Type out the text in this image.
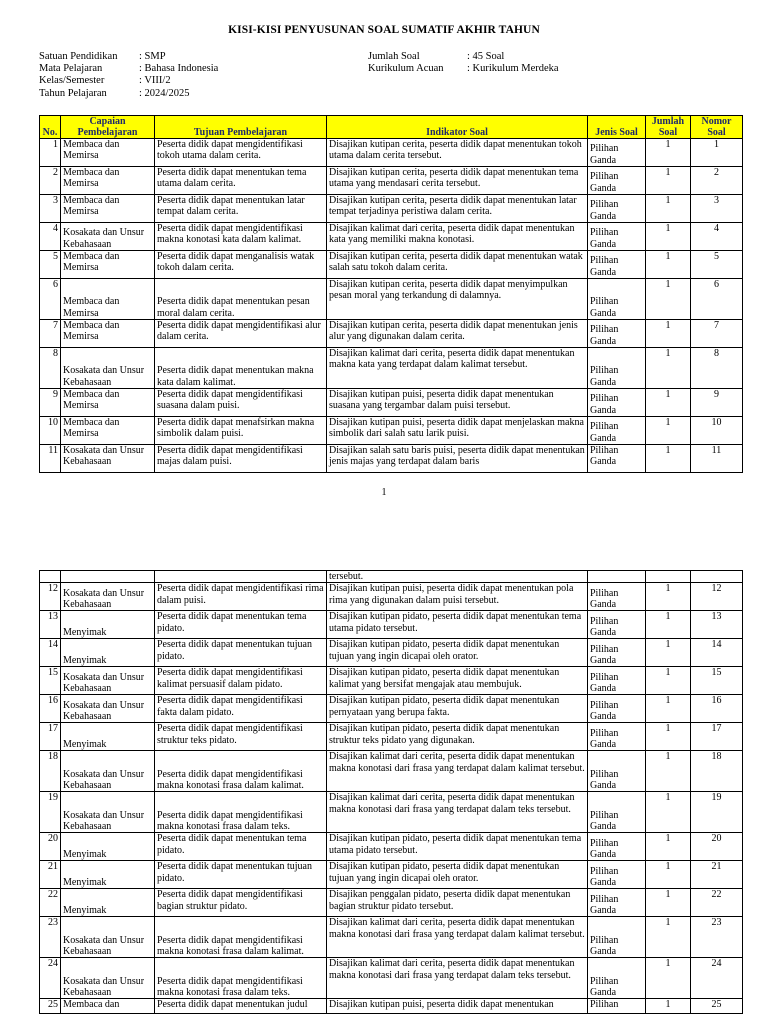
KISI-KISI PENYUSUNAN SOAL SUMATIF AKHIR TAHUN
Satuan Pendidikan	: SMP
Mata Pelajaran	: Bahasa Indonesia
Kelas/Semester	: VIII/2
Tahun Pelajaran	: 2024/2025
Jumlah Soal	: 45 Soal
Kurikulum Acuan	: Kurikulum Merdeka
No.	Capaian Pembelajaran	Tujuan Pembelajaran	Indikator Soal	Jenis Soal	Jumlah Soal	Nomor Soal
1	Membaca dan Memirsa	Peserta didik dapat mengidentifikasi tokoh utama dalam cerita.	Disajikan kutipan cerita, peserta didik dapat menentukan tokoh utama dalam cerita tersebut.	Pilihan Ganda	1	1
2	Membaca dan Memirsa	Peserta didik dapat menentukan tema utama dalam cerita.	Disajikan kutipan cerita, peserta didik dapat menentukan tema utama yang mendasari cerita tersebut.	Pilihan Ganda	1	2
3	Membaca dan Memirsa	Peserta didik dapat menentukan latar tempat dalam cerita.	Disajikan kutipan cerita, peserta didik dapat menentukan latar tempat terjadinya peristiwa dalam cerita.	Pilihan Ganda	1	3
4	Kosakata dan Unsur Kebahasaan	Peserta didik dapat mengidentifikasi makna konotasi kata dalam kalimat.	Disajikan kalimat dari cerita, peserta didik dapat menentukan kata yang memiliki makna konotasi.	Pilihan Ganda	1	4
5	Membaca dan Memirsa	Peserta didik dapat menganalisis watak tokoh dalam cerita.	Disajikan kutipan cerita, peserta didik dapat menentukan watak salah satu tokoh dalam cerita.	Pilihan Ganda	1	5
6	Membaca dan Memirsa	Peserta didik dapat menentukan pesan moral dalam cerita.	Disajikan kutipan cerita, peserta didik dapat menyimpulkan pesan moral yang terkandung di dalamnya.	Pilihan Ganda	1	6
7	Membaca dan Memirsa	Peserta didik dapat mengidentifikasi alur dalam cerita.	Disajikan kutipan cerita, peserta didik dapat menentukan jenis alur yang digunakan dalam cerita.	Pilihan Ganda	1	7
8	Kosakata dan Unsur Kebahasaan	Peserta didik dapat menentukan makna kata dalam kalimat.	Disajikan kalimat dari cerita, peserta didik dapat menentukan makna kata yang terdapat dalam kalimat tersebut.	Pilihan Ganda	1	8
9	Membaca dan Memirsa	Peserta didik dapat mengidentifikasi suasana dalam puisi.	Disajikan kutipan puisi, peserta didik dapat menentukan suasana yang tergambar dalam puisi tersebut.	Pilihan Ganda	1	9
10	Membaca dan Memirsa	Peserta didik dapat menafsirkan makna simbolik dalam puisi.	Disajikan kutipan puisi, peserta didik dapat menjelaskan makna simbolik dari salah satu larik puisi.	Pilihan Ganda	1	10
11	Kosakata dan Unsur Kebahasaan	Peserta didik dapat mengidentifikasi majas dalam puisi.	Disajikan salah satu baris puisi, peserta didik dapat menentukan jenis majas yang terdapat dalam baris	Pilihan Ganda	1	11
1
			tersebut.			
12	Kosakata dan Unsur Kebahasaan	Peserta didik dapat mengidentifikasi rima dalam puisi.	Disajikan kutipan puisi, peserta didik dapat menentukan pola rima yang digunakan dalam puisi tersebut.	Pilihan Ganda	1	12
13	Menyimak	Peserta didik dapat menentukan tema pidato.	Disajikan kutipan pidato, peserta didik dapat menentukan tema utama pidato tersebut.	Pilihan Ganda	1	13
14	Menyimak	Peserta didik dapat menentukan tujuan pidato.	Disajikan kutipan pidato, peserta didik dapat menentukan tujuan yang ingin dicapai oleh orator.	Pilihan Ganda	1	14
15	Kosakata dan Unsur Kebahasaan	Peserta didik dapat mengidentifikasi kalimat persuasif dalam pidato.	Disajikan kutipan pidato, peserta didik dapat menentukan kalimat yang bersifat mengajak atau membujuk.	Pilihan Ganda	1	15
16	Kosakata dan Unsur Kebahasaan	Peserta didik dapat mengidentifikasi fakta dalam pidato.	Disajikan kutipan pidato, peserta didik dapat menentukan pernyataan yang berupa fakta.	Pilihan Ganda	1	16
17	Menyimak	Peserta didik dapat mengidentifikasi struktur teks pidato.	Disajikan kutipan pidato, peserta didik dapat menentukan struktur teks pidato yang digunakan.	Pilihan Ganda	1	17
18	Kosakata dan Unsur Kebahasaan	Peserta didik dapat mengidentifikasi makna konotasi frasa dalam kalimat.	Disajikan kalimat dari cerita, peserta didik dapat menentukan makna konotasi dari frasa yang terdapat dalam kalimat tersebut.	Pilihan Ganda	1	18
19	Kosakata dan Unsur Kebahasaan	Peserta didik dapat mengidentifikasi makna konotasi frasa dalam teks.	Disajikan kalimat dari cerita, peserta didik dapat menentukan makna konotasi dari frasa yang terdapat dalam teks tersebut.	Pilihan Ganda	1	19
20	Menyimak	Peserta didik dapat menentukan tema pidato.	Disajikan kutipan pidato, peserta didik dapat menentukan tema utama pidato tersebut.	Pilihan Ganda	1	20
21	Menyimak	Peserta didik dapat menentukan tujuan pidato.	Disajikan kutipan pidato, peserta didik dapat menentukan tujuan yang ingin dicapai oleh orator.	Pilihan Ganda	1	21
22	Menyimak	Peserta didik dapat mengidentifikasi bagian struktur pidato.	Disajikan penggalan pidato, peserta didik dapat menentukan bagian struktur pidato tersebut.	Pilihan Ganda	1	22
23	Kosakata dan Unsur Kebahasaan	Peserta didik dapat mengidentifikasi makna konotasi frasa dalam kalimat.	Disajikan kalimat dari cerita, peserta didik dapat menentukan makna konotasi dari frasa yang terdapat dalam kalimat tersebut.	Pilihan Ganda	1	23
24	Kosakata dan Unsur Kebahasaan	Peserta didik dapat mengidentifikasi makna konotasi frasa dalam teks.	Disajikan kalimat dari cerita, peserta didik dapat menentukan makna konotasi dari frasa yang terdapat dalam teks tersebut.	Pilihan Ganda	1	24
25	Membaca dan	Peserta didik dapat menentukan judul	Disajikan kutipan puisi, peserta didik dapat menentukan	Pilihan	1	25
